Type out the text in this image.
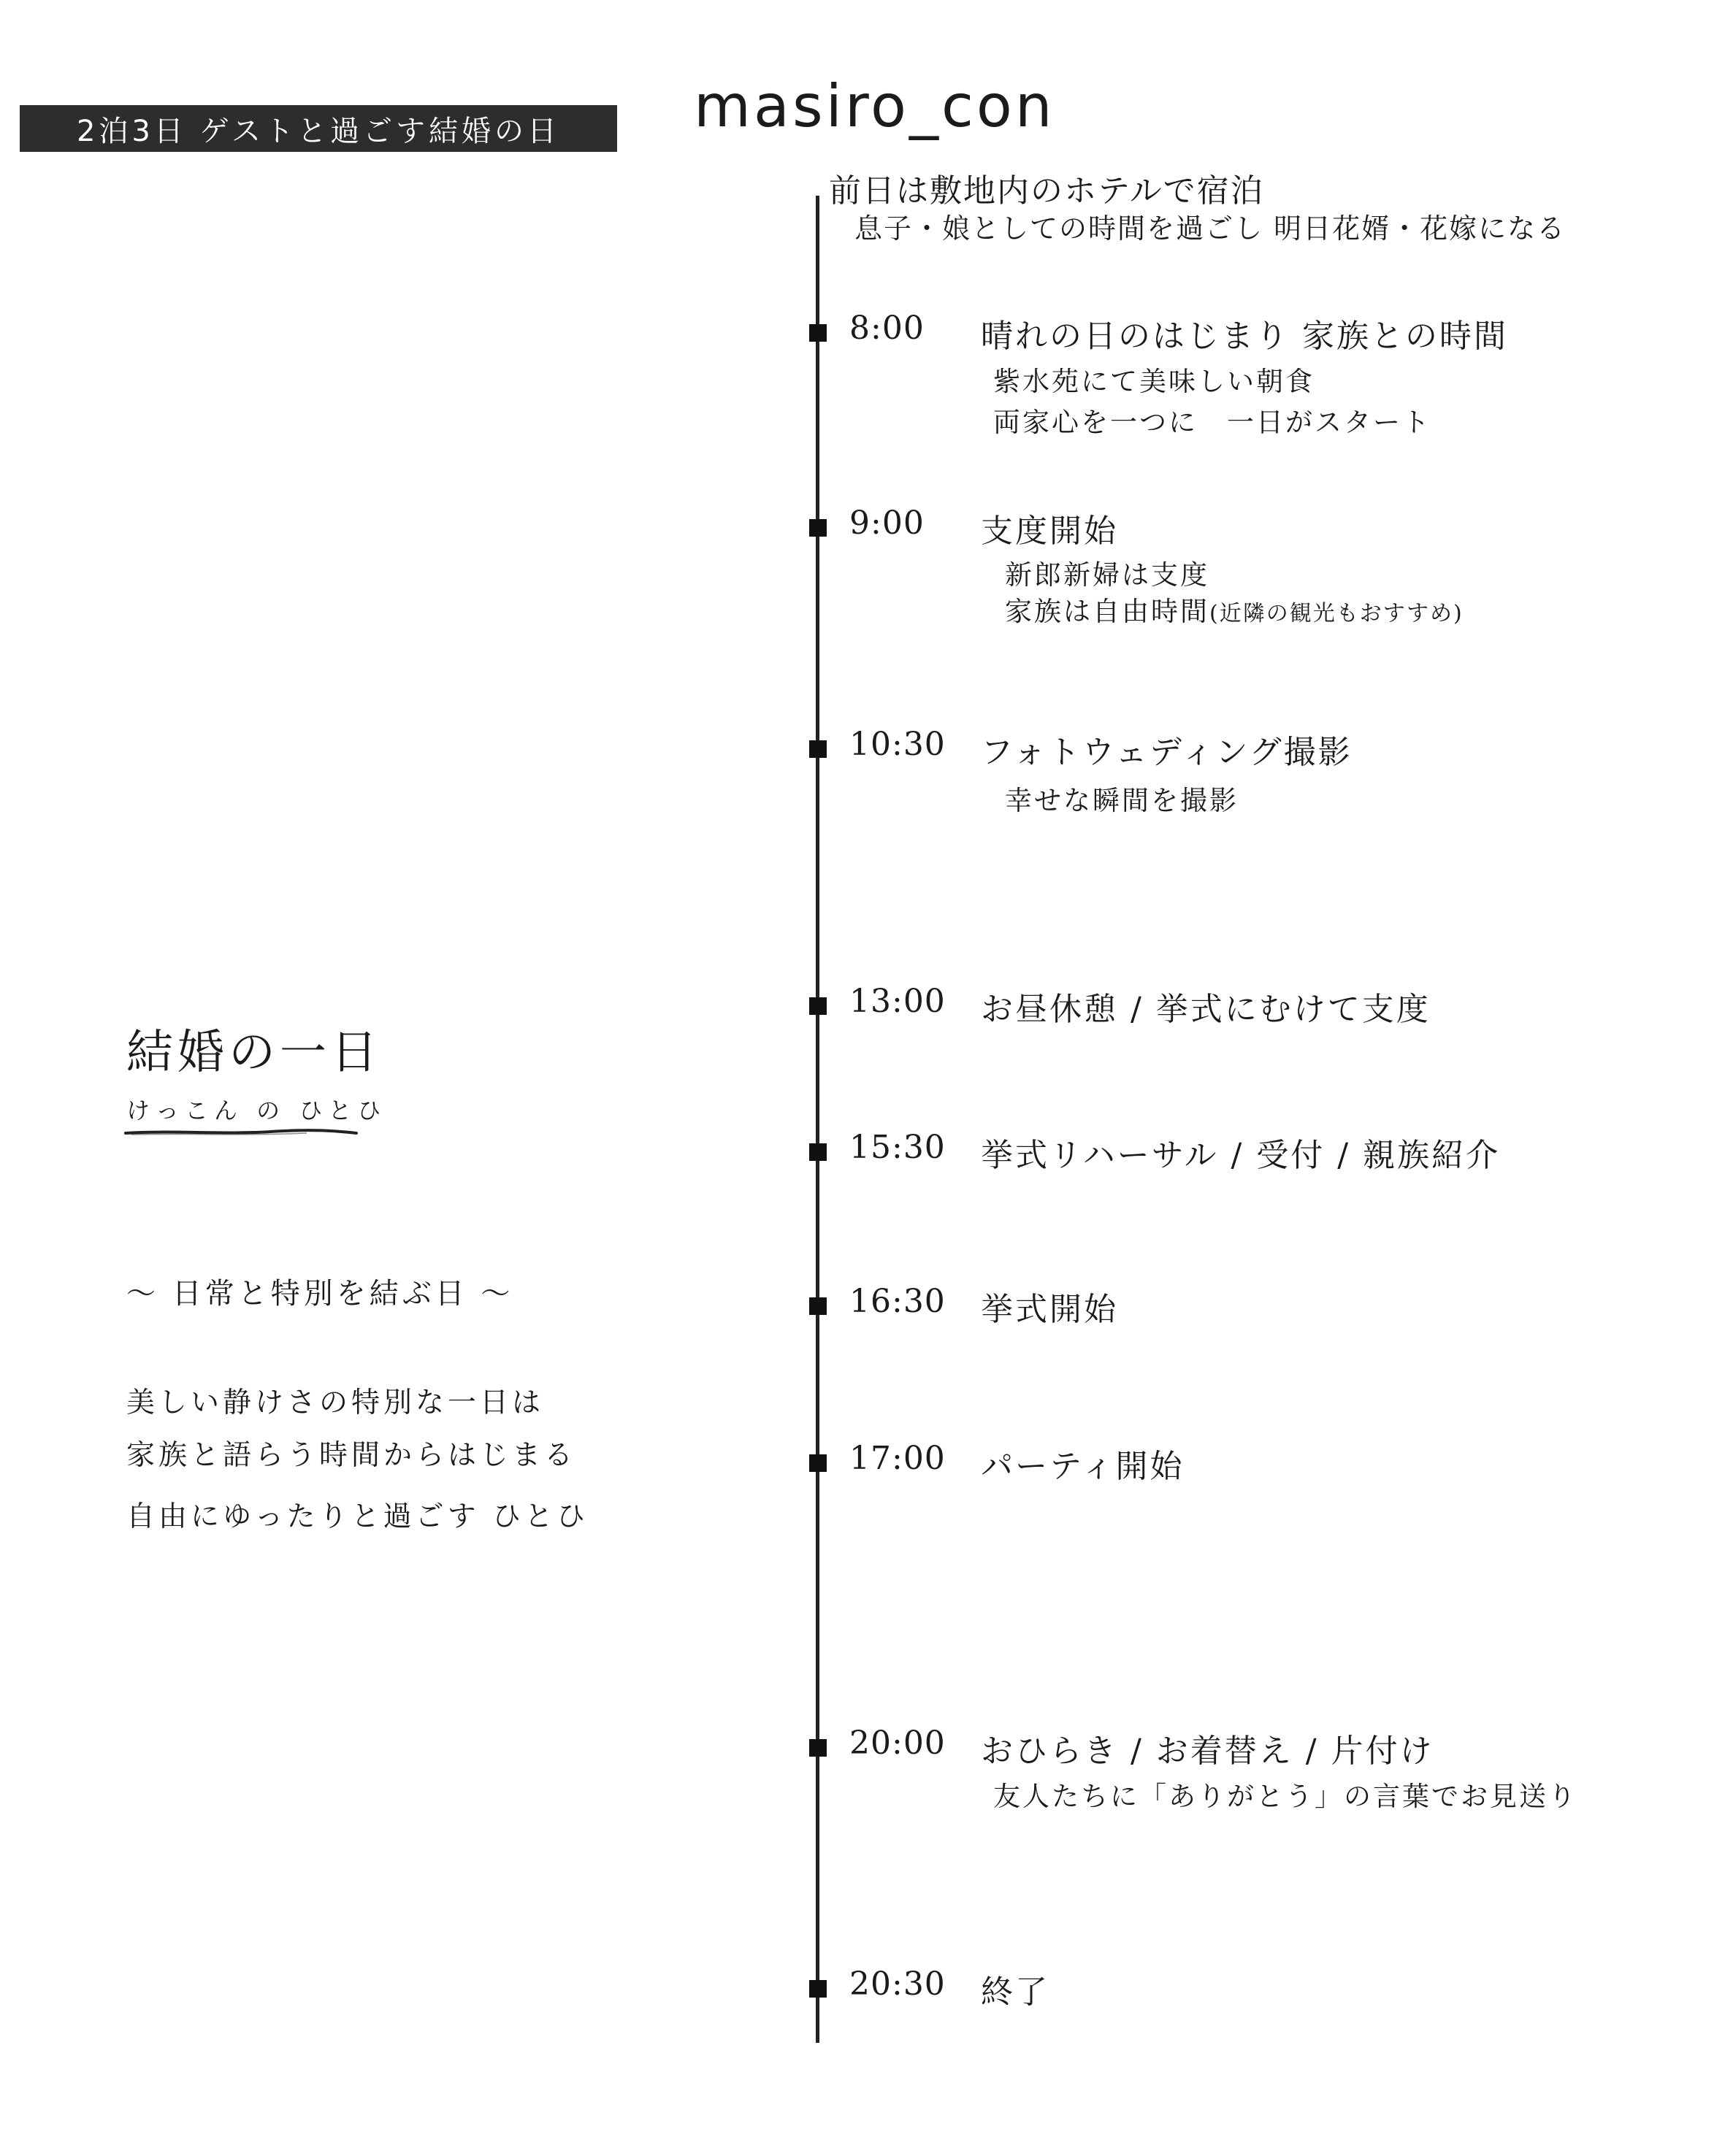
2泊3日 ゲストと過ごす結婚の日	masiro_con
前日は敷地内のホテルで宿泊
息子・娘としての時間を過ごし 明日花婿・花嫁になる
8:00 晴れの日のはじまり 家族との時間
紫水苑にて美味しい朝食
両家心を一つに　一日がスタート
9:00 支度開始
新郎新婦は支度
家族は自由時間(近隣の観光もおすすめ)
10:30 フォトウェディング撮影
幸せな瞬間を撮影
13:00 お昼休憩 / 挙式にむけて支度
15:30 挙式リハーサル / 受付 / 親族紹介
16:30 挙式開始
17:00 パーティ開始
20:00 おひらき / お着替え / 片付け
友人たちに「ありがとう」の言葉でお見送り
20:30 終了
結婚の一日
けっこん の ひとひ
〜 日常と特別を結ぶ日 〜
美しい静けさの特別な一日は
家族と語らう時間からはじまる
自由にゆったりと過ごす ひとひ
